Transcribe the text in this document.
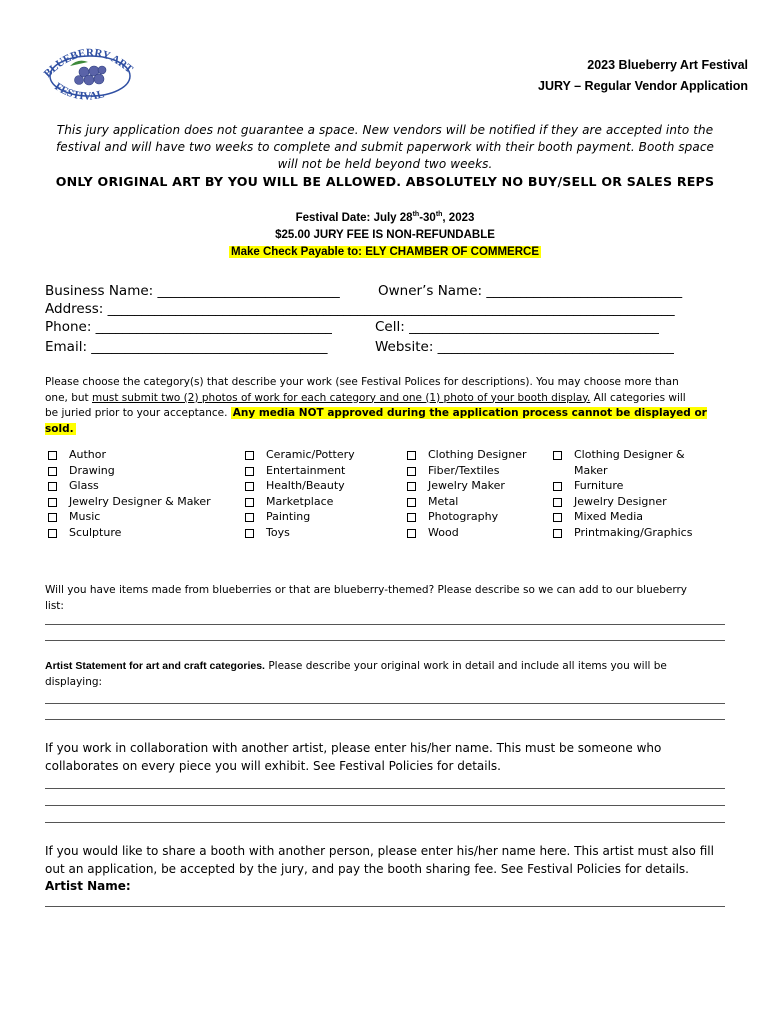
BLUEBERRY ART
FESTIVAL
2023 Blueberry Art Festival
JURY – Regular Vendor Application
This jury application does not guarantee a space. New vendors will be notified if they are accepted into the
festival and will have two weeks to complete and submit paperwork with their booth payment. Booth space
will not be held beyond two weeks.
ONLY ORIGINAL ART BY YOU WILL BE ALLOWED. ABSOLUTELY NO BUY/SELL OR SALES REPS
Festival Date: July 28th-30th, 2023
$25.00 JURY FEE IS NON-REFUNDABLE
Make Check Payable to: ELY CHAMBER OF COMMERCE
Business Name: ___________________________	Owner’s Name: _____________________________
Address: ____________________________________________________________________________________
Phone: ___________________________________	Cell: _____________________________________
Email: ___________________________________	Website: ___________________________________
Please choose the category(s) that describe your work (see Festival Polices for descriptions). You may choose more than
one, but must submit two (2) photos of work for each category and one (1) photo of your booth display. All categories will
be juried prior to your acceptance. Any media NOT approved during the application process cannot be displayed or sold.
Author
Drawing
Glass
Jewelry Designer & Maker
Music
Sculpture
Ceramic/Pottery
Entertainment
Health/Beauty
Marketplace
Painting
Toys
Clothing Designer
Fiber/Textiles
Jewelry Maker
Metal
Photography
Wood
Clothing Designer &
Maker
Furniture
Jewelry Designer
Mixed Media
Printmaking/Graphics
Will you have items made from blueberries or that are blueberry-themed? Please describe so we can add to our blueberry
list:
Artist Statement for art and craft categories. Please describe your original work in detail and include all items you will be
displaying:
If you work in collaboration with another artist, please enter his/her name. This must be someone who
collaborates on every piece you will exhibit. See Festival Policies for details.
If you would like to share a booth with another person, please enter his/her name here. This artist must also fill
out an application, be accepted by the jury, and pay the booth sharing fee. See Festival Policies for details.
Artist Name:
